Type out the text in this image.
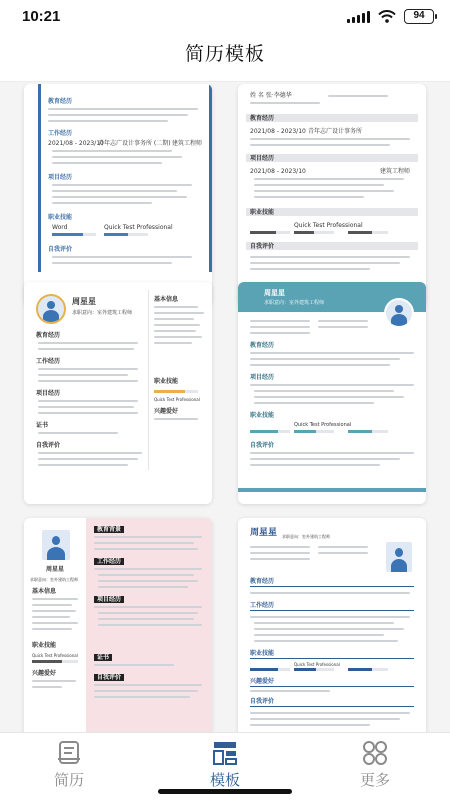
10:21	94
简历模板
教育经历
工作经历
2021/08 - 2023/10
青年志广设计事务所 (二期) 建筑工程师
项目经历
职业技能
Word	Quick Test Professional
自我评价
姓 名 张·李德华
教育经历
2021/08 - 2023/10 青年志广设计事务所
项目经历
2021/08 - 2023/10	建筑工程师
职业技能
Quick Test Professional
自我评价
周星星
求职意向：室外建筑工程师
教育经历
工作经历
项目经历
证书
自我评价
基本信息
职业技能
Quick Test Professional
兴趣爱好
周星星
求职意向：室外建筑工程师
教育经历
项目经历
职业技能
Quick Test Professional
自我评价
周星星
求职意向：室外建筑工程师
基本信息
职业技能
Quick Test Professional
兴趣爱好
教育背景
工作经历
项目经历
证书
自我评价
周星星 求职意向：室外建筑工程师
教育经历
工作经历
职业技能
Quick Test Professional
兴趣爱好
自我评价
简历	模板	更多
